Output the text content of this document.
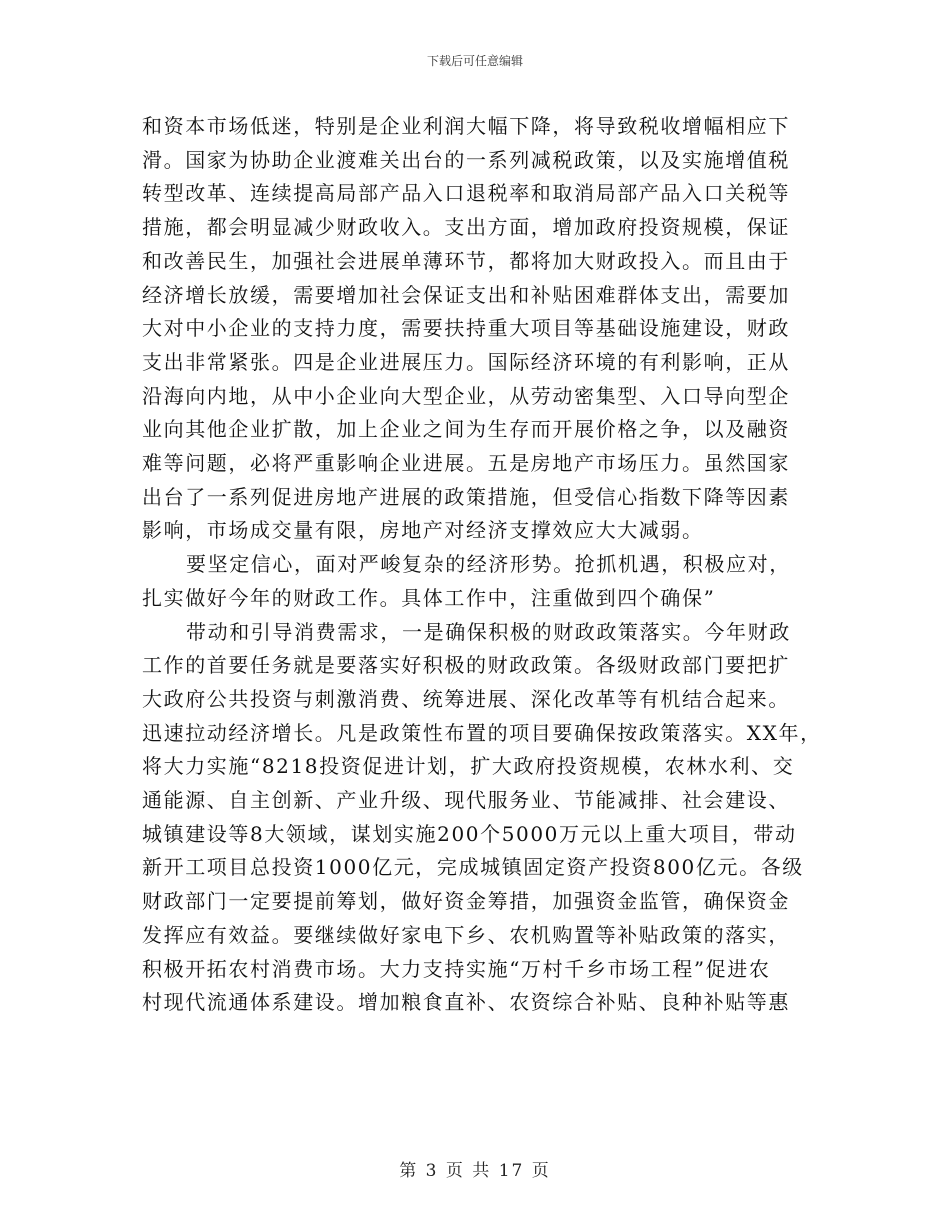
下载后可任意编辑

和资本市场低迷，特别是企业利润大幅下降，将导致税收增幅相应下
滑。国家为协助企业渡难关出台的一系列减税政策，以及实施增值税
转型改革、连续提高局部产品入口退税率和取消局部产品入口关税等
措施，都会明显减少财政收入。支出方面，增加政府投资规模，保证
和改善民生，加强社会进展单薄环节，都将加大财政投入。而且由于
经济增长放缓，需要增加社会保证支出和补贴困难群体支出，需要加
大对中小企业的支持力度，需要扶持重大项目等基础设施建设，财政
支出非常紧张。四是企业进展压力。国际经济环境的有利影响，正从
沿海向内地，从中小企业向大型企业，从劳动密集型、入口导向型企
业向其他企业扩散，加上企业之间为生存而开展价格之争，以及融资
难等问题，必将严重影响企业进展。五是房地产市场压力。虽然国家
出台了一系列促进房地产进展的政策措施，但受信心指数下降等因素
影响，市场成交量有限，房地产对经济支撑效应大大减弱。

要坚定信心，面对严峻复杂的经济形势。抢抓机遇，积极应对，
扎实做好今年的财政工作。具体工作中，注重做到四个确保”

带动和引导消费需求，一是确保积极的财政政策落实。今年财政
工作的首要任务就是要落实好积极的财政政策。各级财政部门要把扩
大政府公共投资与刺激消费、统筹进展、深化改革等有机结合起来。
迅速拉动经济增长。凡是政策性布置的项目要确保按政策落实。XX年，
将大力实施“8218投资促进计划，扩大政府投资规模，农林水利、交
通能源、自主创新、产业升级、现代服务业、节能减排、社会建设、
城镇建设等8大领域，谋划实施200个5000万元以上重大项目，带动
新开工项目总投资1000亿元，完成城镇固定资产投资800亿元。各级
财政部门一定要提前筹划，做好资金筹措，加强资金监管，确保资金
发挥应有效益。要继续做好家电下乡、农机购置等补贴政策的落实，
积极开拓农村消费市场。大力支持实施“万村千乡市场工程”促进农
村现代流通体系建设。增加粮食直补、农资综合补贴、良种补贴等惠

第 3 页 共 17 页
